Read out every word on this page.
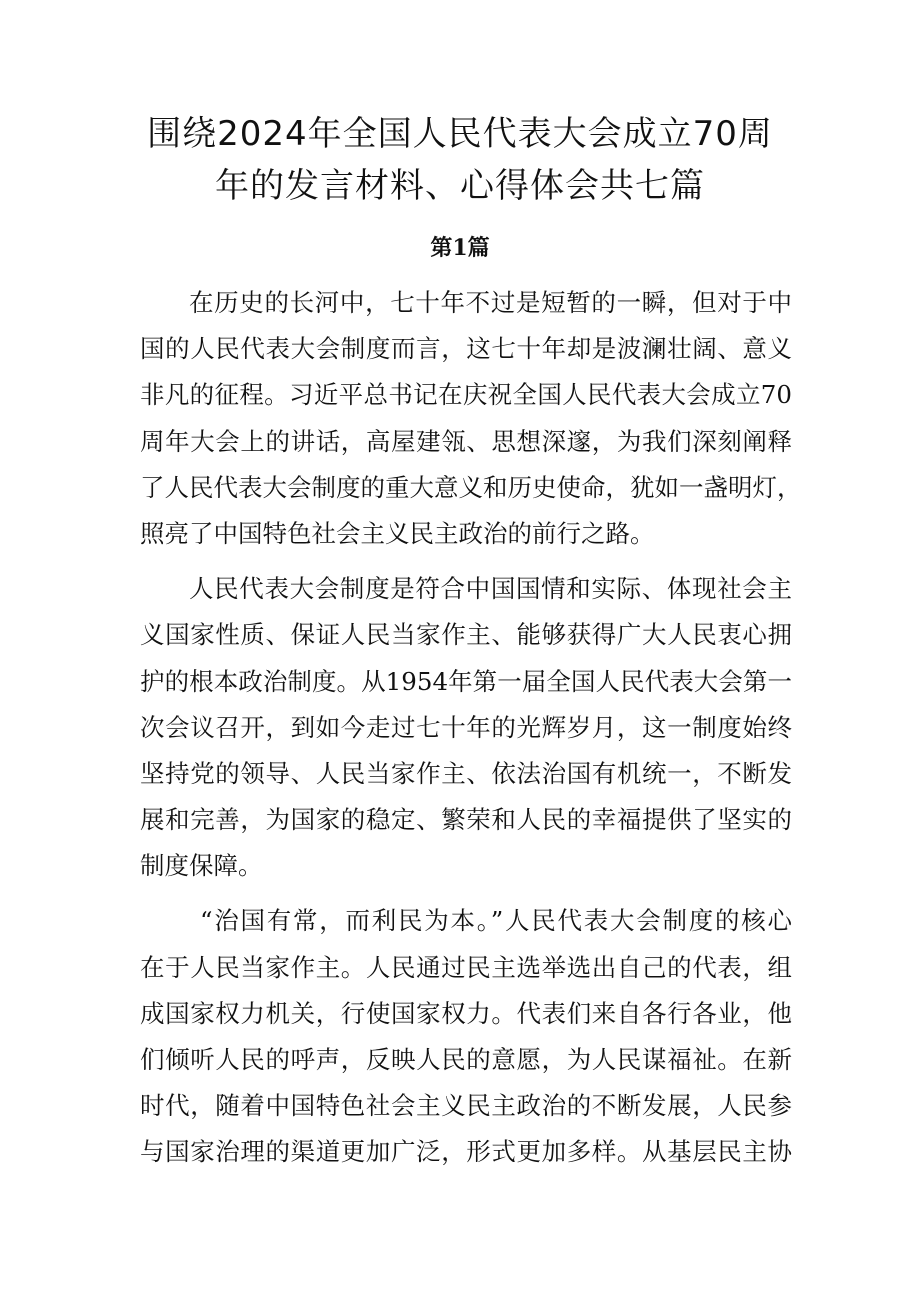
围绕2024年全国人民代表大会成立70周
年的发言材料、心得体会共七篇
第1篇

在历史的长河中，七十年不过是短暂的一瞬，但对于中
国的人民代表大会制度而言，这七十年却是波澜壮阔、意义
非凡的征程。习近平总书记在庆祝全国人民代表大会成立70
周年大会上的讲话，高屋建瓴、思想深邃，为我们深刻阐释
了人民代表大会制度的重大意义和历史使命，犹如一盏明灯，
照亮了中国特色社会主义民主政治的前行之路。

人民代表大会制度是符合中国国情和实际、体现社会主
义国家性质、保证人民当家作主、能够获得广大人民衷心拥
护的根本政治制度。从1954年第一届全国人民代表大会第一
次会议召开，到如今走过七十年的光辉岁月，这一制度始终
坚持党的领导、人民当家作主、依法治国有机统一，不断发
展和完善，为国家的稳定、繁荣和人民的幸福提供了坚实的
制度保障。

“治国有常，而利民为本。”人民代表大会制度的核心
在于人民当家作主。人民通过民主选举选出自己的代表，组
成国家权力机关，行使国家权力。代表们来自各行各业，他
们倾听人民的呼声，反映人民的意愿，为人民谋福祉。在新
时代，随着中国特色社会主义民主政治的不断发展，人民参
与国家治理的渠道更加广泛，形式更加多样。从基层民主协
